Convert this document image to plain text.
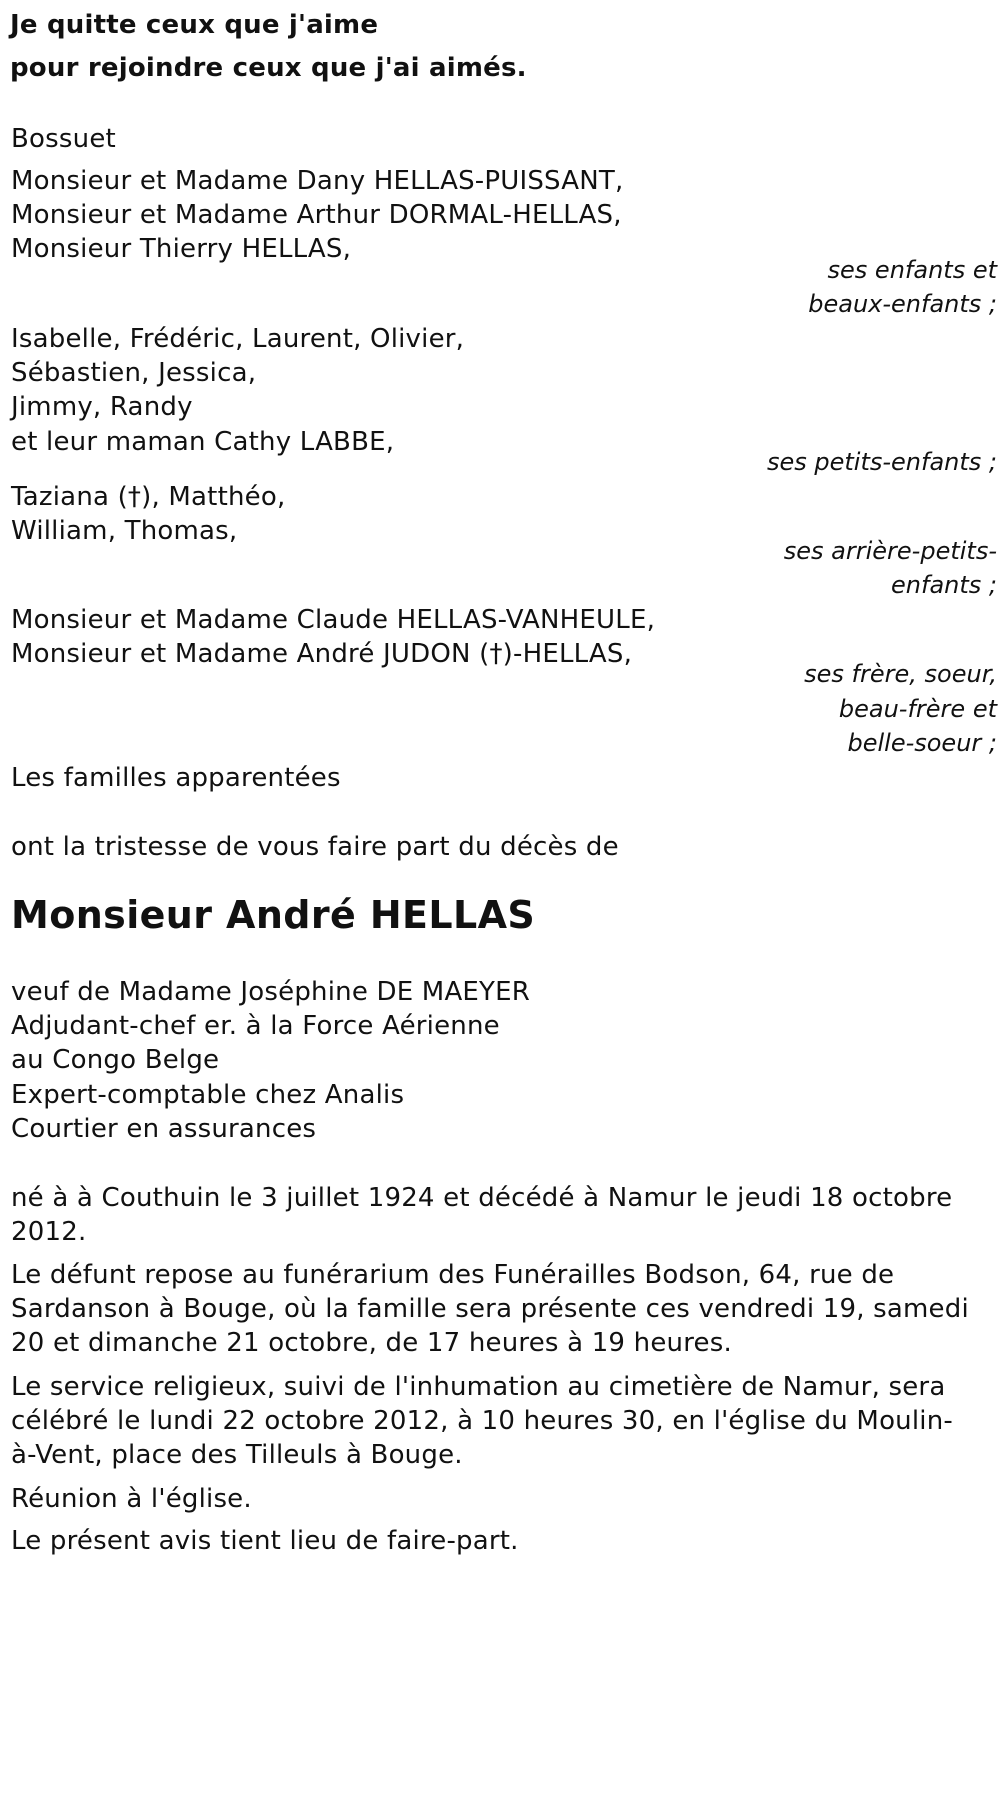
Je quitte ceux que j'aime
pour rejoindre ceux que j'ai aimés.
Bossuet
Monsieur et Madame Dany HELLAS-PUISSANT,
Monsieur et Madame Arthur DORMAL-HELLAS,
Monsieur Thierry HELLAS,
ses enfants et
beaux-enfants ;
Isabelle, Frédéric, Laurent, Olivier,
Sébastien, Jessica,
Jimmy, Randy
et leur maman Cathy LABBE,
ses petits-enfants ;
Taziana (†), Matthéo,
William, Thomas,
ses arrière-petits-
enfants ;
Monsieur et Madame Claude HELLAS-VANHEULE,
Monsieur et Madame André JUDON (†)-HELLAS,
ses frère, soeur,
beau-frère et
belle-soeur ;
Les familles apparentées
ont la tristesse de vous faire part du décès de
Monsieur André HELLAS
veuf de Madame Joséphine DE MAEYER
Adjudant-chef er. à la Force Aérienne
au Congo Belge
Expert-comptable chez Analis
Courtier en assurances
né à à Couthuin le 3 juillet 1924 et décédé à Namur le jeudi 18 octobre
2012.
Le défunt repose au funérarium des Funérailles Bodson, 64, rue de
Sardanson à Bouge, où la famille sera présente ces vendredi 19, samedi
20 et dimanche 21 octobre, de 17 heures à 19 heures.
Le service religieux, suivi de l'inhumation au cimetière de Namur, sera
célébré le lundi 22 octobre 2012, à 10 heures 30, en l'église du Moulin-
à-Vent, place des Tilleuls à Bouge.
Réunion à l'église.
Le présent avis tient lieu de faire-part.
